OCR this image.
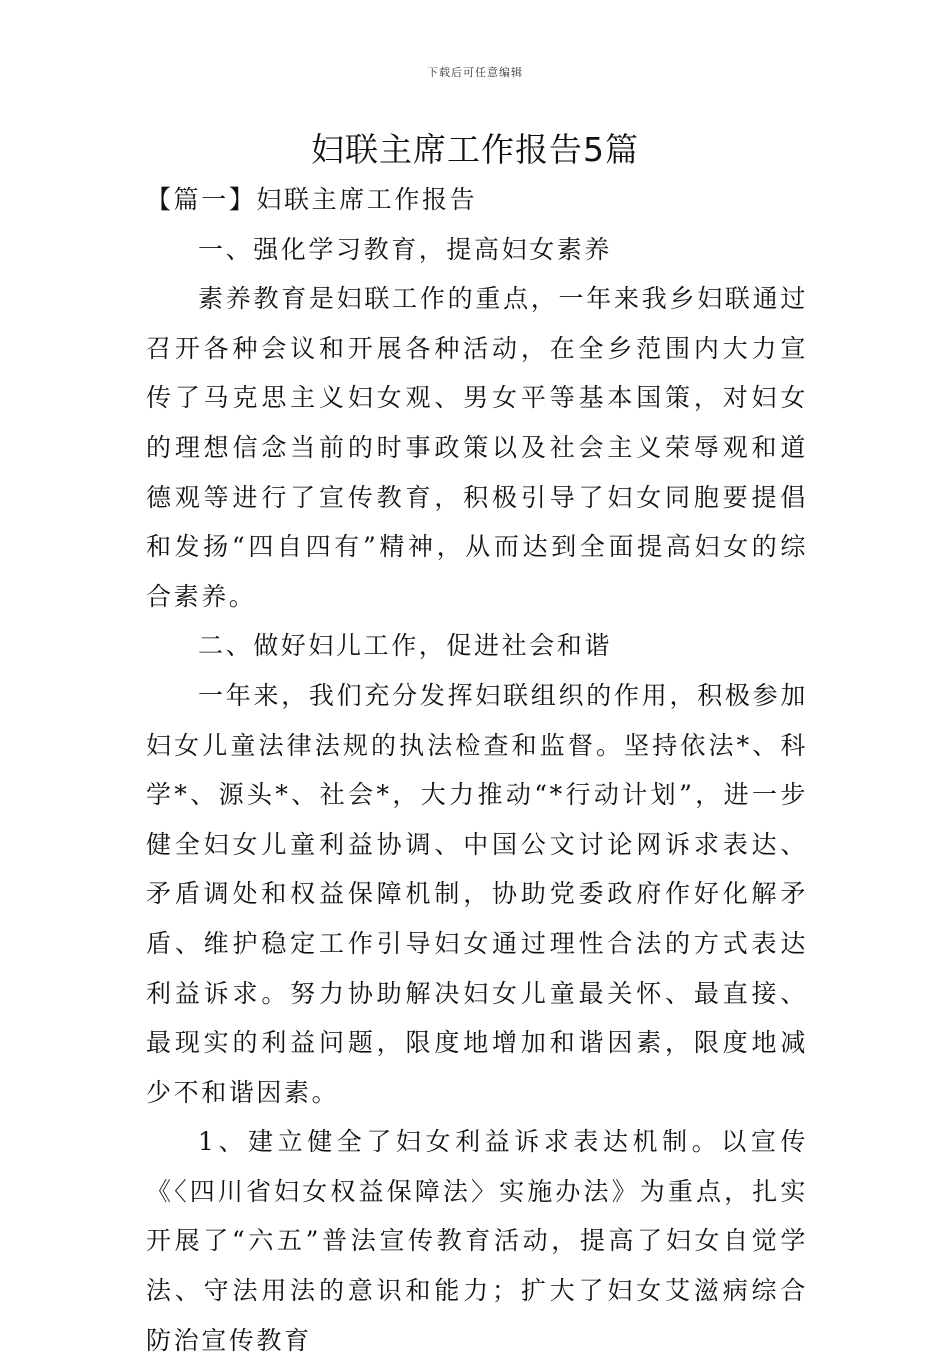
下载后可任意编辑
妇联主席工作报告5篇

【篇一】妇联主席工作报告

一、强化学习教育，提高妇女素养

素养教育是妇联工作的重点，一年来我乡妇联通过召开各种会议和开展各种活动，在全乡范围内大力宣传了马克思主义妇女观、男女平等基本国策，对妇女的理想信念当前的时事政策以及社会主义荣辱观和道德观等进行了宣传教育，积极引导了妇女同胞要提倡和发扬“四自四有”精神，从而达到全面提高妇女的综合素养。

二、做好妇儿工作，促进社会和谐

一年来，我们充分发挥妇联组织的作用，积极参加妇女儿童法律法规的执法检查和监督。坚持依法*、科学*、源头*、社会*，大力推动“*行动计划”，进一步健全妇女儿童利益协调、中国公文讨论网诉求表达、矛盾调处和权益保障机制，协助党委政府作好化解矛盾、维护稳定工作引导妇女通过理性合法的方式表达利益诉求。努力协助解决妇女儿童最关怀、最直接、最现实的利益问题，限度地增加和谐因素，限度地减少不和谐因素。

1、建立健全了妇女利益诉求表达机制。以宣传《〈四川省妇女权益保障法〉实施办法》为重点，扎实开展了“六五”普法宣传教育活动，提高了妇女自觉学法、守法用法的意识和能力；扩大了妇女艾滋病综合防治宣传教育
